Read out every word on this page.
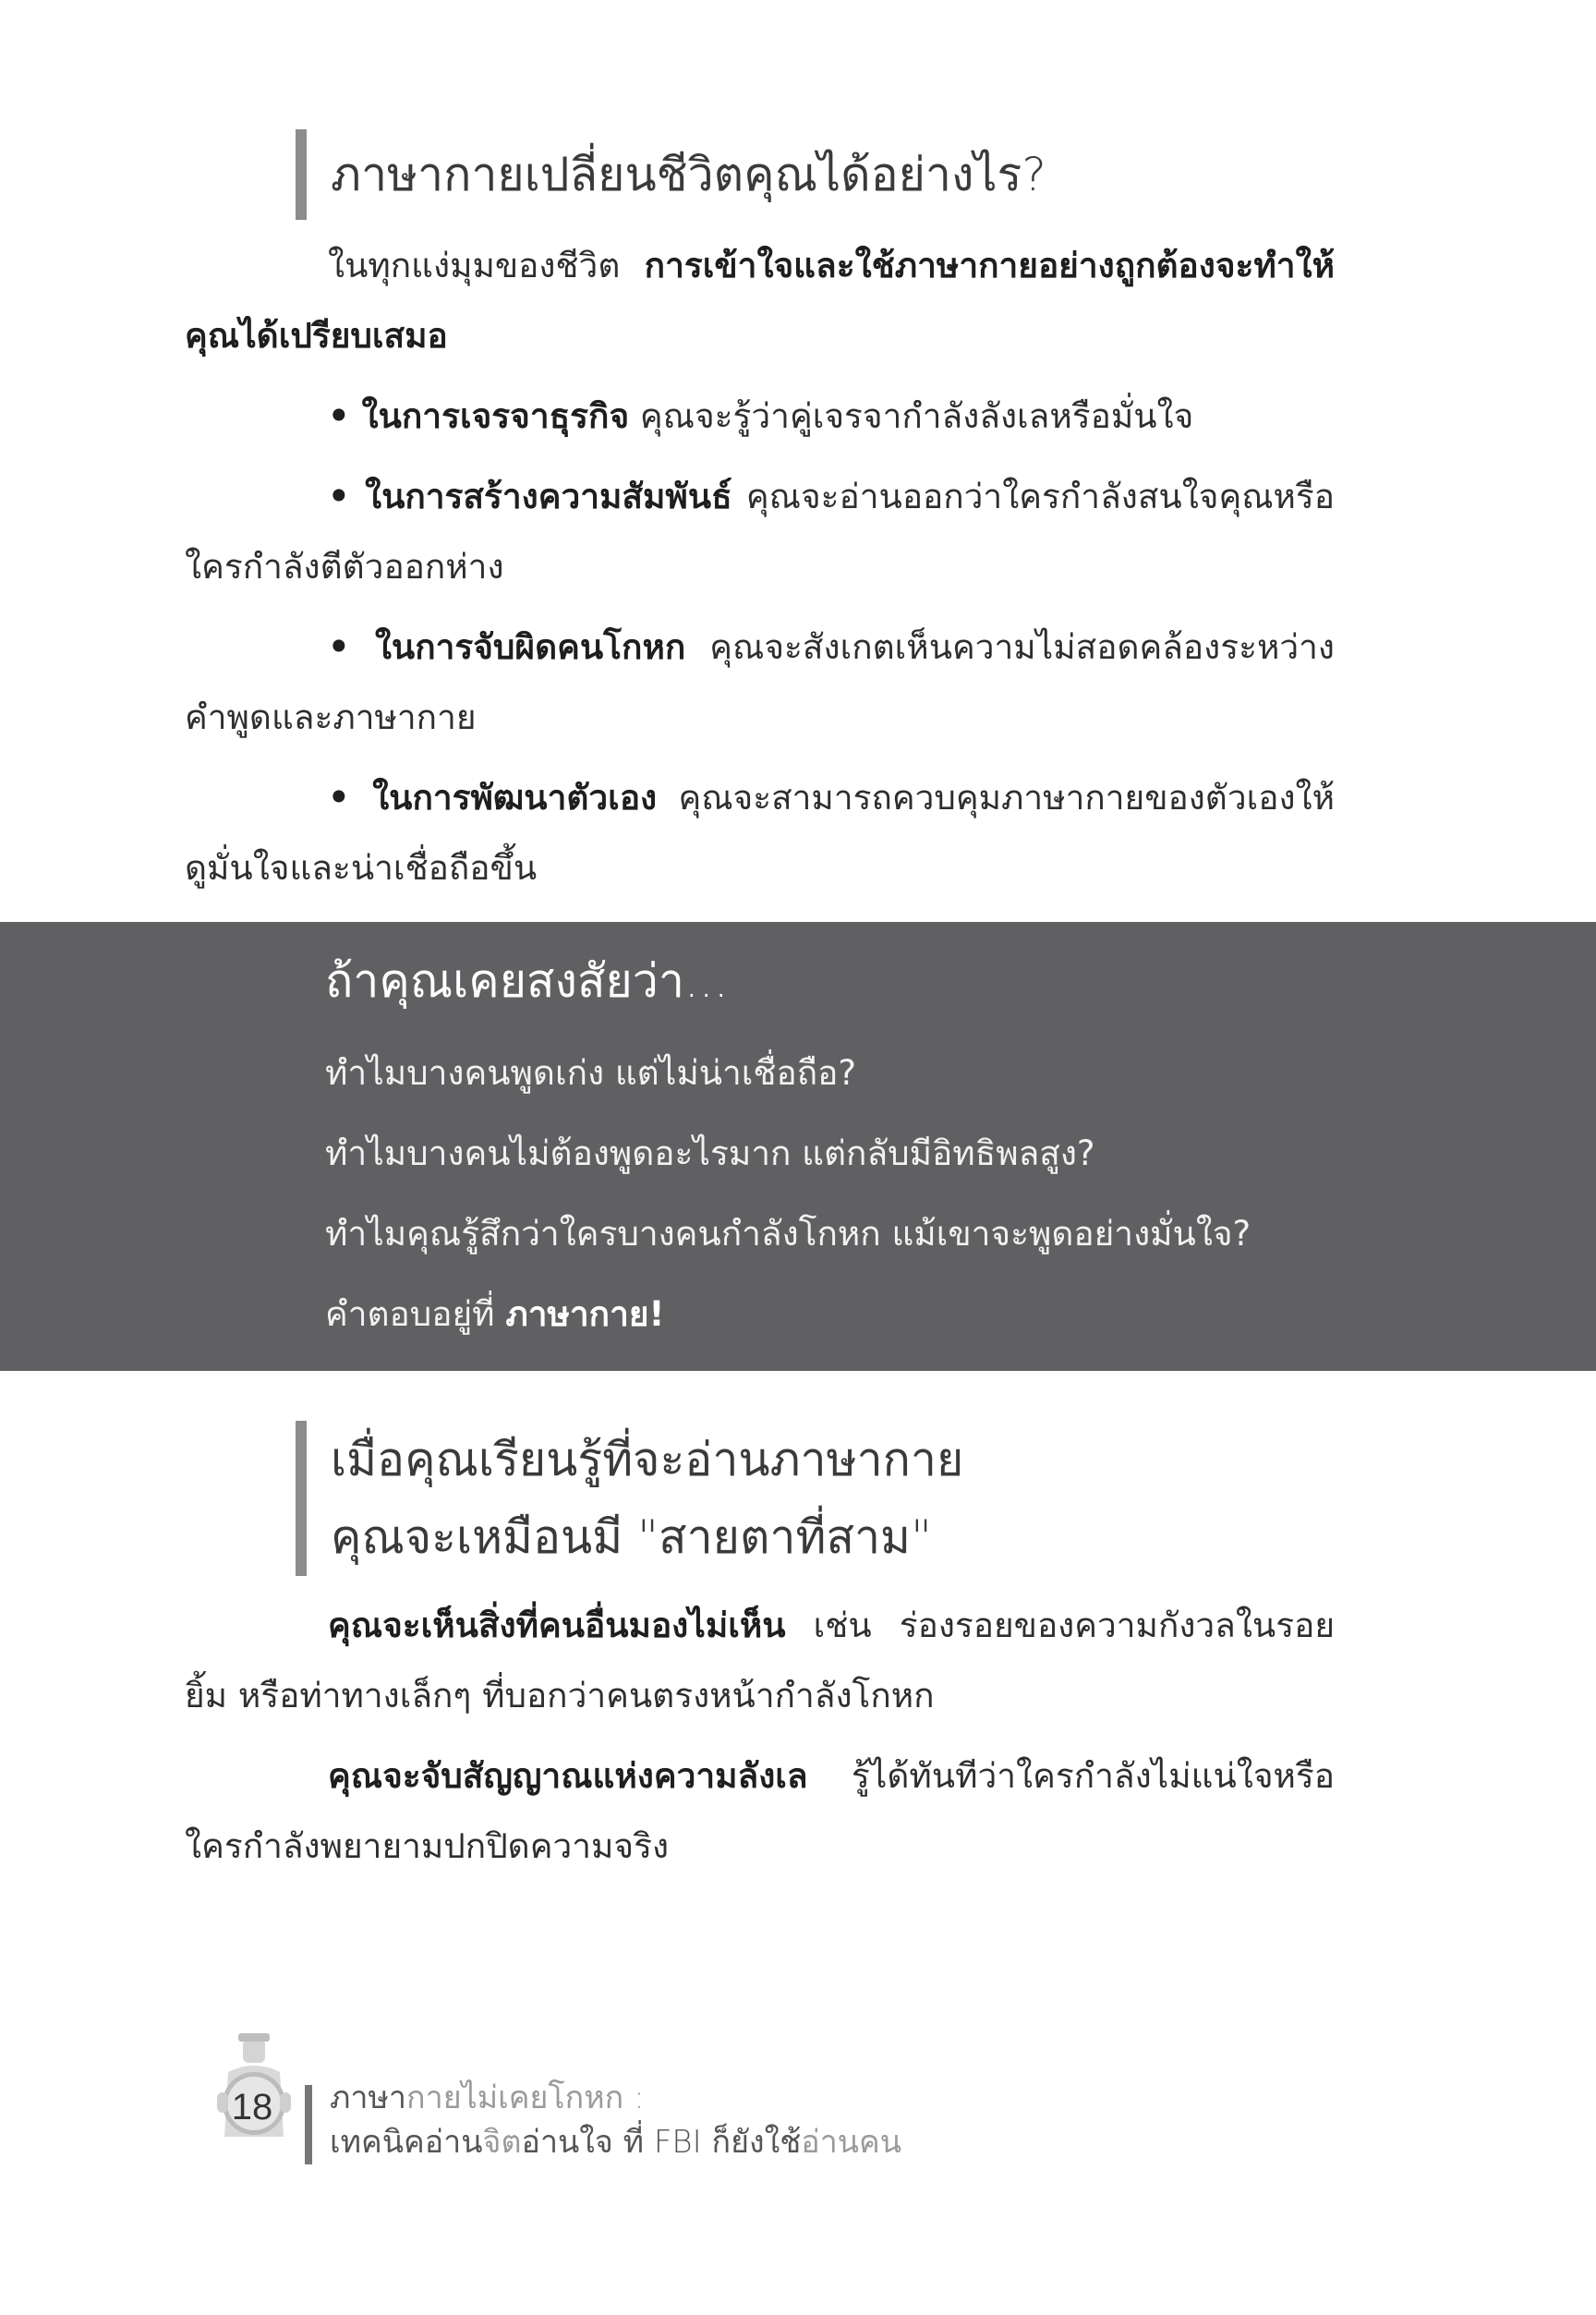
ภาษากายเปลี่ยนชีวิตคุณได้อย่างไร?

ในทุกแง่มุมของชีวิต การเข้าใจและใช้ภาษากายอย่างถูกต้องจะทำให้คุณได้เปรียบเสมอ

• ในการเจรจาธุรกิจ คุณจะรู้ว่าคู่เจรจากำลังลังเลหรือมั่นใจ

• ในการสร้างความสัมพันธ์ คุณจะอ่านออกว่าใครกำลังสนใจคุณหรือใครกำลังตีตัวออกห่าง

• ในการจับผิดคนโกหก คุณจะสังเกตเห็นความไม่สอดคล้องระหว่างคำพูดและภาษากาย

• ในการพัฒนาตัวเอง คุณจะสามารถควบคุมภาษากายของตัวเองให้ดูมั่นใจและน่าเชื่อถือขึ้น

ถ้าคุณเคยสงสัยว่า...
ทำไมบางคนพูดเก่ง แต่ไม่น่าเชื่อถือ?
ทำไมบางคนไม่ต้องพูดอะไรมาก แต่กลับมีอิทธิพลสูง?
ทำไมคุณรู้สึกว่าใครบางคนกำลังโกหก แม้เขาจะพูดอย่างมั่นใจ?
คำตอบอยู่ที่ ภาษากาย!
เมื่อคุณเรียนรู้ที่จะอ่านภาษากาย
คุณจะเหมือนมี "สายตาที่สาม"

คุณจะเห็นสิ่งที่คนอื่นมองไม่เห็น เช่น ร่องรอยของความกังวลในรอยยิ้ม หรือท่าทางเล็กๆ ที่บอกว่าคนตรงหน้ากำลังโกหก

คุณจะจับสัญญาณแห่งความลังเล รู้ได้ทันทีว่าใครกำลังไม่แน่ใจหรือใครกำลังพยายามปกปิดความจริง

18	ภาษากายไม่เคยโกหก :
เทคนิคอ่านจิตอ่านใจ ที่ FBI ก็ยังใช้อ่านคน
